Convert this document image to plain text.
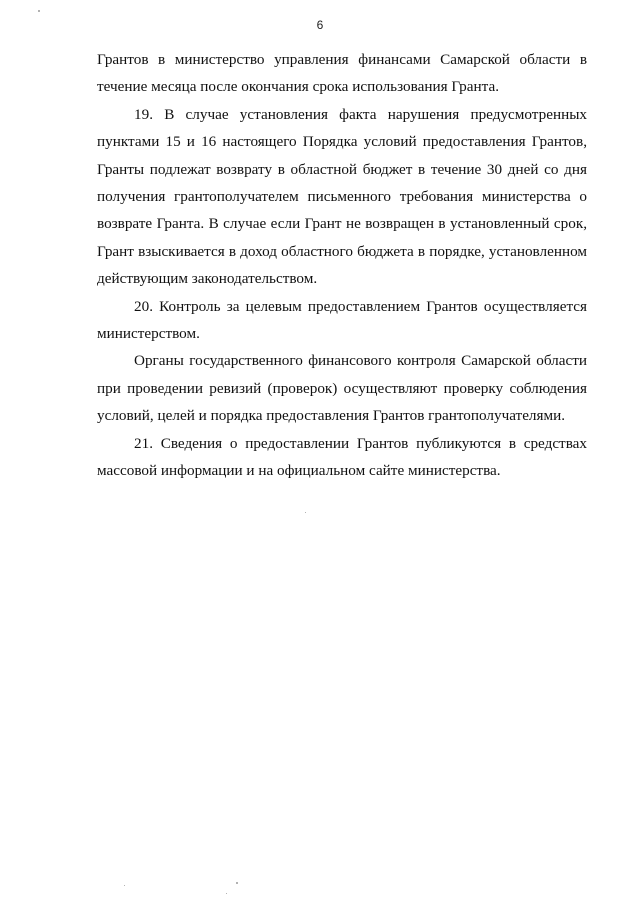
6

Грантов в министерство управления финансами Самарской области в течение месяца после окончания срока использования Гранта.

19. В случае установления факта нарушения предусмотренных пунктами 15 и 16 настоящего Порядка условий предоставления Грантов, Гранты подлежат возврату в областной бюджет в течение 30 дней со дня получения грантополучателем письменного требования министерства о возврате Гранта. В случае если Грант не возвращен в установленный срок, Грант взыскивается в доход областного бюджета в порядке, установленном действующим законодательством.

20. Контроль за целевым предоставлением Грантов осуществляется министерством.

Органы государственного финансового контроля Самарской области при проведении ревизий (проверок) осуществляют проверку соблюдения условий, целей и порядка предоставления Грантов грантополучателями.

21. Сведения о предоставлении Грантов публикуются в средствах массовой информации и на официальном сайте министерства.
